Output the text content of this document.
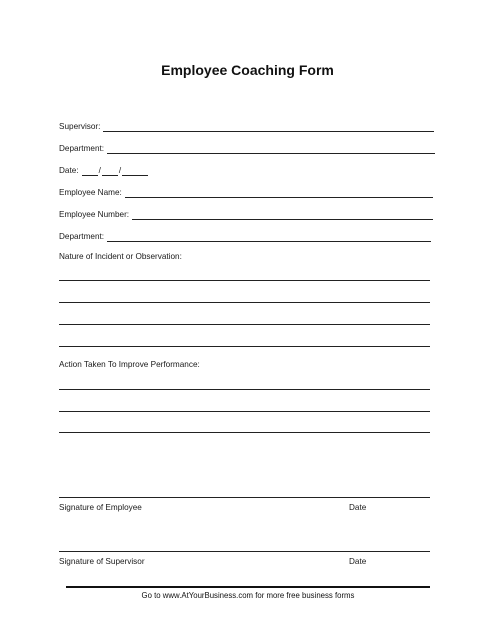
Employee Coaching Form
Supervisor:
Department:
Date:	/ /
Employee Name:
Employee Number:
Department:
Nature of Incident or Observation:
Action Taken To Improve Performance:
Signature of Employee	Date
Signature of Supervisor	Date
Go to www.AtYourBusiness.com for more free business forms
